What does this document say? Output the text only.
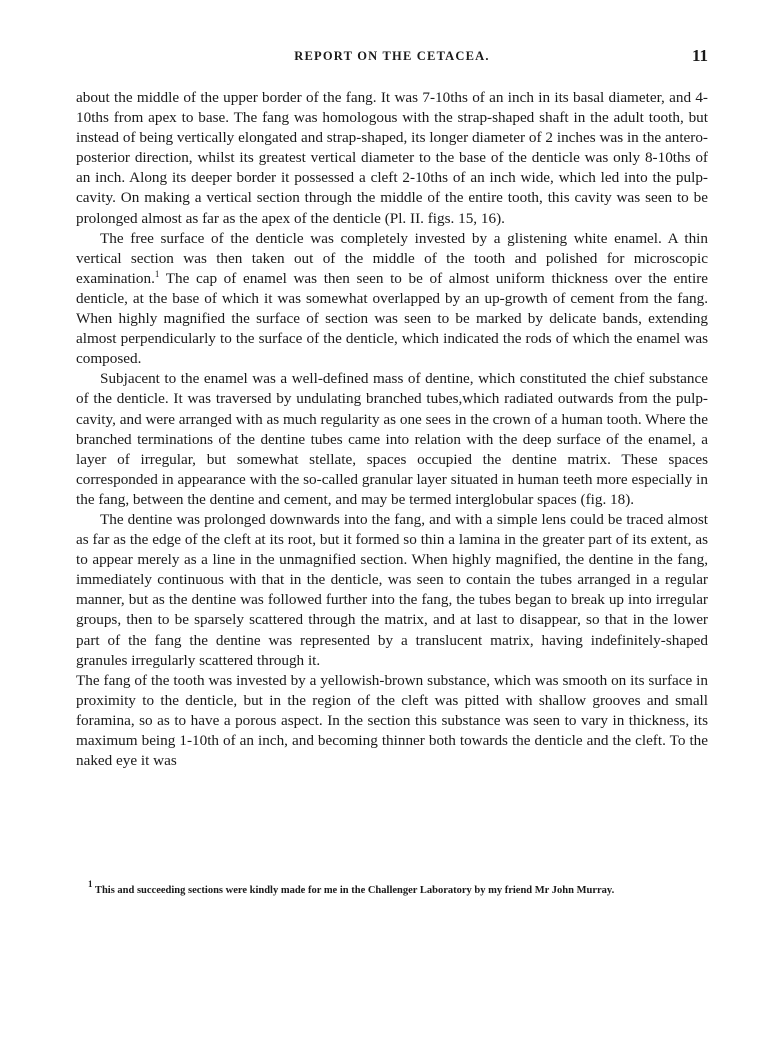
REPORT ON THE CETACEA.	11

about the middle of the upper border of the fang. It was 7-10ths of an inch in its basal diameter, and 4-10ths from apex to base. The fang was homologous with the strap-shaped shaft in the adult tooth, but instead of being vertically elongated and strap-shaped, its longer diameter of 2 inches was in the antero-posterior direction, whilst its greatest vertical diameter to the base of the denticle was only 8-10ths of an inch. Along its deeper border it possessed a cleft 2-10ths of an inch wide, which led into the pulp-cavity. On making a vertical section through the middle of the entire tooth, this cavity was seen to be prolonged almost as far as the apex of the denticle (Pl. II. figs. 15, 16).

The free surface of the denticle was completely invested by a glistening white enamel. A thin vertical section was then taken out of the middle of the tooth and polished for microscopic examination.$^1$ The cap of enamel was then seen to be of almost uniform thickness over the entire denticle, at the base of which it was somewhat overlapped by an up-growth of cement from the fang. When highly magnified the surface of section was seen to be marked by delicate bands, extending almost perpendicularly to the surface of the denticle, which indicated the rods of which the enamel was composed.

Subjacent to the enamel was a well-defined mass of dentine, which constituted the chief substance of the denticle. It was traversed by undulating branched tubes,which radiated outwards from the pulp-cavity, and were arranged with as much regularity as one sees in the crown of a human tooth. Where the branched terminations of the dentine tubes came into relation with the deep surface of the enamel, a layer of irregular, but somewhat stellate, spaces occupied the dentine matrix. These spaces corresponded in appearance with the so-called granular layer situated in human teeth more especially in the fang, between the dentine and cement, and may be termed interglobular spaces (fig. 18).

The dentine was prolonged downwards into the fang, and with a simple lens could be traced almost as far as the edge of the cleft at its root, but it formed so thin a lamina in the greater part of its extent, as to appear merely as a line in the unmagnified section. When highly magnified, the dentine in the fang, immediately continuous with that in the denticle, was seen to contain the tubes arranged in a regular manner, but as the dentine was followed further into the fang, the tubes began to break up into irregular groups, then to be sparsely scattered through the matrix, and at last to disappear, so that in the lower part of the fang the dentine was represented by a translucent matrix, having indefinitely-shaped granules irregularly scattered through it.

The fang of the tooth was invested by a yellowish-brown substance, which was smooth on its surface in proximity to the denticle, but in the region of the cleft was pitted with shallow grooves and small foramina, so as to have a porous aspect. In the section this substance was seen to vary in thickness, its maximum being 1-10th of an inch, and becoming thinner both towards the denticle and the cleft. To the naked eye it was

$^1$ This and succeeding sections were kindly made for me in the Challenger Laboratory by my friend Mr John Murray.
